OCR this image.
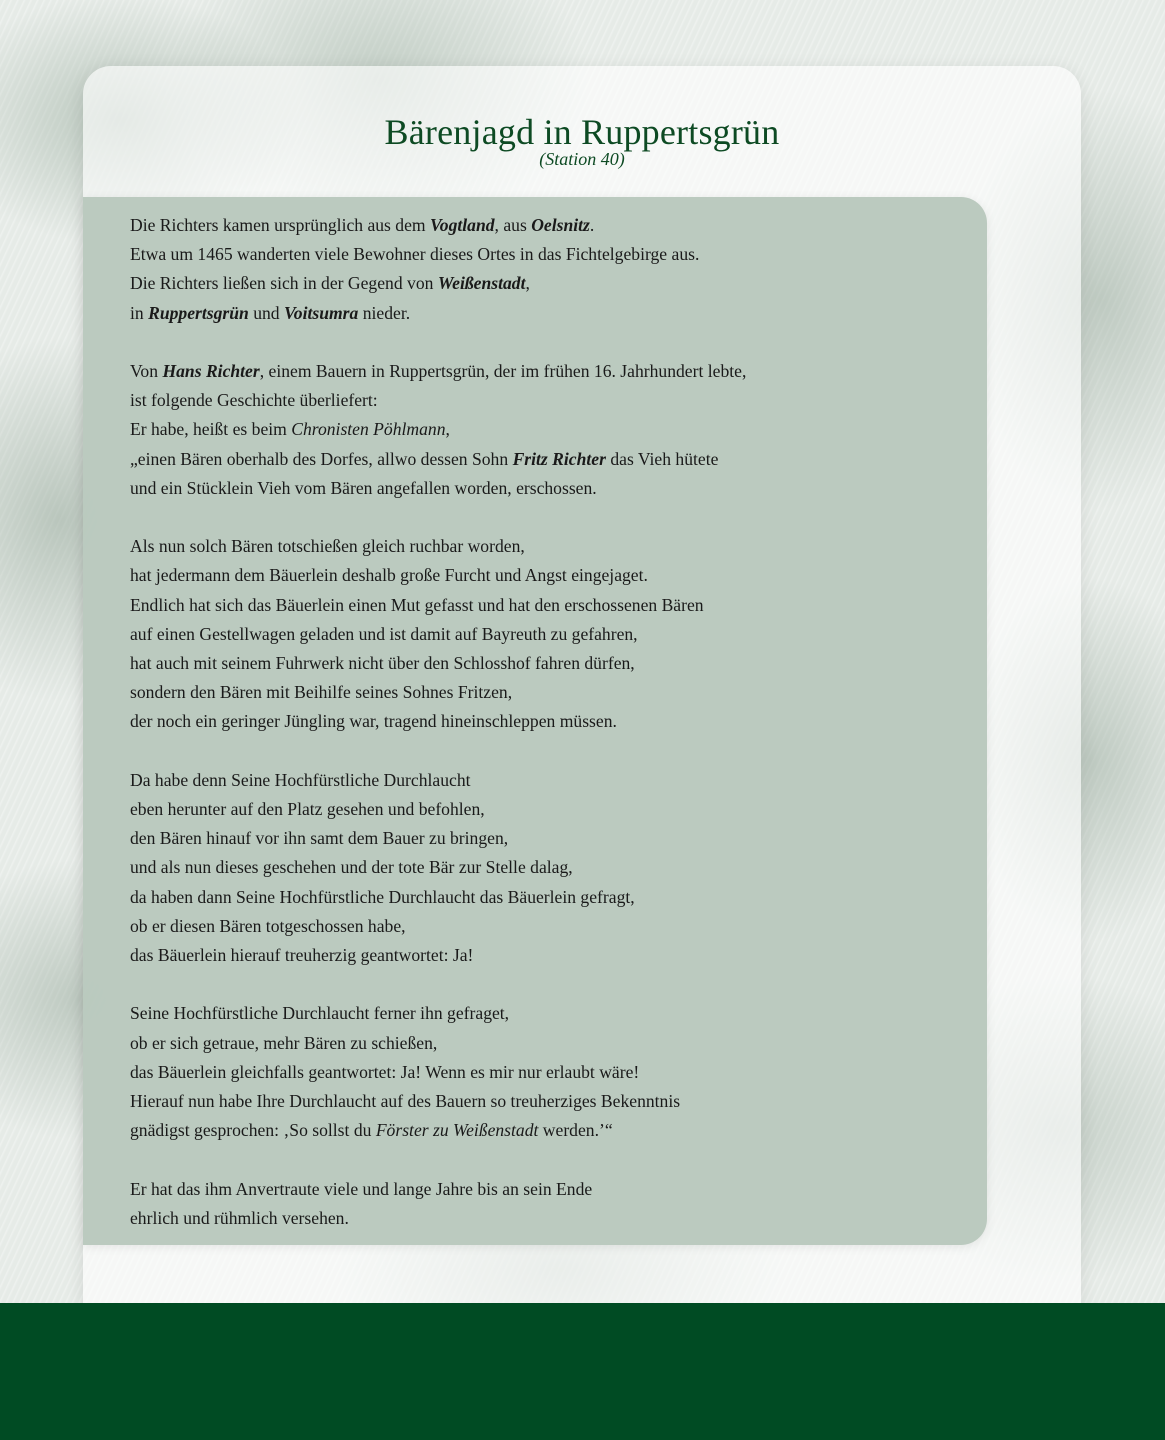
Bärenjagd in Ruppertsgrün
(Station 40)
Die Richters kamen ursprünglich aus dem Vogtland, aus Oelsnitz.
Etwa um 1465 wanderten viele Bewohner dieses Ortes in das Fichtelgebirge aus.
Die Richters ließen sich in der Gegend von Weißenstadt,
in Ruppertsgrün und Voitsumra nieder.
Von Hans Richter, einem Bauern in Ruppertsgrün, der im frühen 16. Jahrhundert lebte,
ist folgende Geschichte überliefert:
Er habe, heißt es beim Chronisten Pöhlmann,
„einen Bären oberhalb des Dorfes, allwo dessen Sohn Fritz Richter das Vieh hütete
und ein Stücklein Vieh vom Bären angefallen worden, erschossen.
Als nun solch Bären totschießen gleich ruchbar worden,
hat jedermann dem Bäuerlein deshalb große Furcht und Angst eingejaget.
Endlich hat sich das Bäuerlein einen Mut gefasst und hat den erschossenen Bären
auf einen Gestellwagen geladen und ist damit auf Bayreuth zu gefahren,
hat auch mit seinem Fuhrwerk nicht über den Schlosshof fahren dürfen,
sondern den Bären mit Beihilfe seines Sohnes Fritzen,
der noch ein geringer Jüngling war, tragend hineinschleppen müssen.
Da habe denn Seine Hochfürstliche Durchlaucht
eben herunter auf den Platz gesehen und befohlen,
den Bären hinauf vor ihn samt dem Bauer zu bringen,
und als nun dieses geschehen und der tote Bär zur Stelle dalag,
da haben dann Seine Hochfürstliche Durchlaucht das Bäuerlein gefragt,
ob er diesen Bären totgeschossen habe,
das Bäuerlein hierauf treuherzig geantwortet: Ja!
Seine Hochfürstliche Durchlaucht ferner ihn gefraget,
ob er sich getraue, mehr Bären zu schießen,
das Bäuerlein gleichfalls geantwortet: Ja! Wenn es mir nur erlaubt wäre!
Hierauf nun habe Ihre Durchlaucht auf des Bauern so treuherziges Bekenntnis
gnädigst gesprochen: ‚So sollst du Förster zu Weißenstadt werden.’“
Er hat das ihm Anvertraute viele und lange Jahre bis an sein Ende
ehrlich und rühmlich versehen.
